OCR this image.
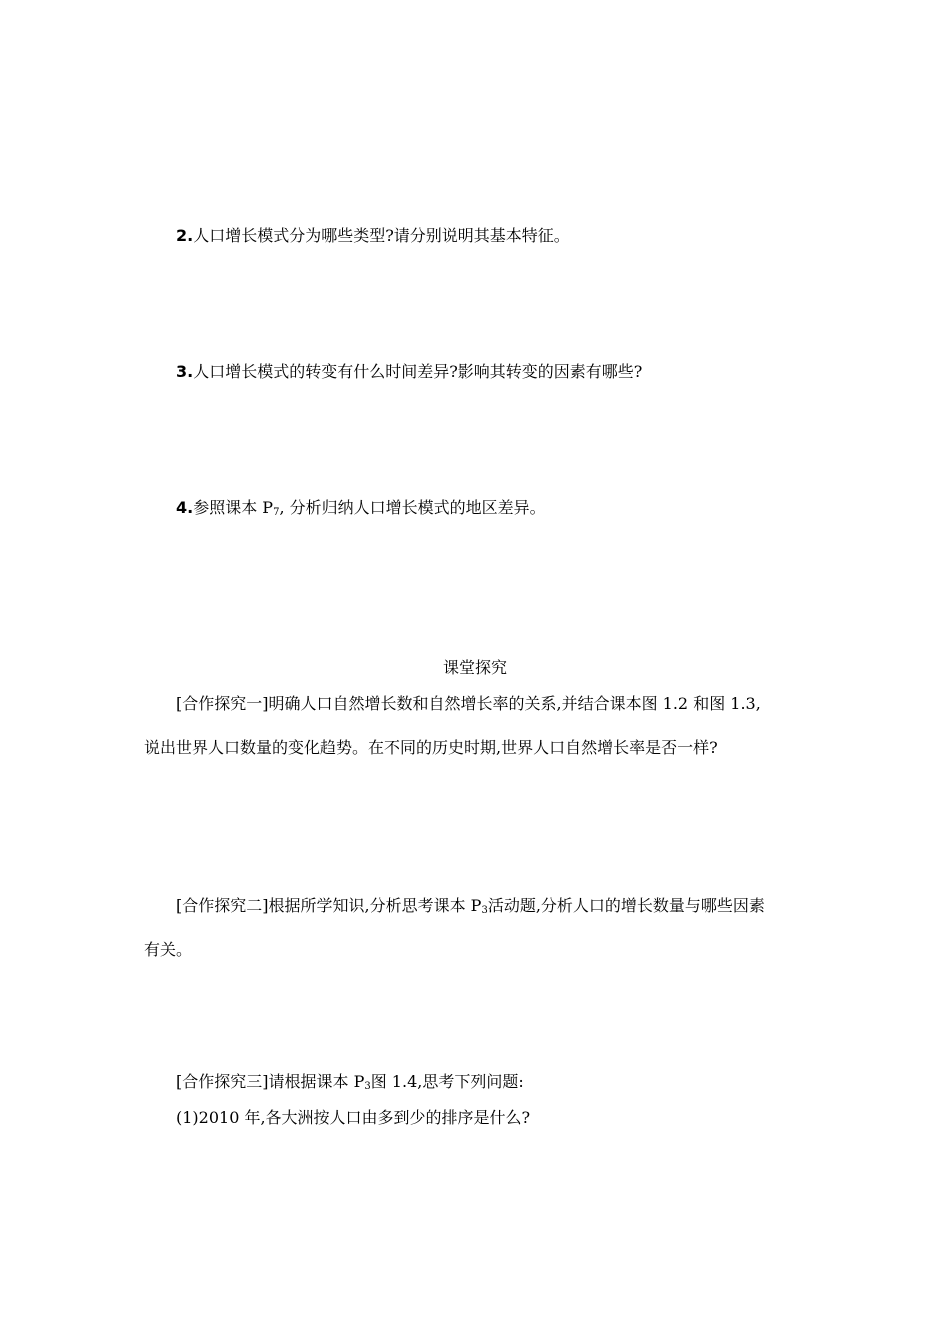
2.人口增长模式分为哪些类型?请分别说明其基本特征。
3.人口增长模式的转变有什么时间差异?影响其转变的因素有哪些?
4.参照课本 $P_7$, 分析归纳人口增长模式的地区差异。
课堂探究
[合作探究一]明确人口自然增长数和自然增长率的关系,并结合课本图 1.2 和图 1.3,
说出世界人口数量的变化趋势。在不同的历史时期,世界人口自然增长率是否一样?
[合作探究二]根据所学知识,分析思考课本 $P_3$活动题,分析人口的增长数量与哪些因素
有关。
[合作探究三]请根据课本 $P_3$图 1.4,思考下列问题:
(1)2010 年,各大洲按人口由多到少的排序是什么?
